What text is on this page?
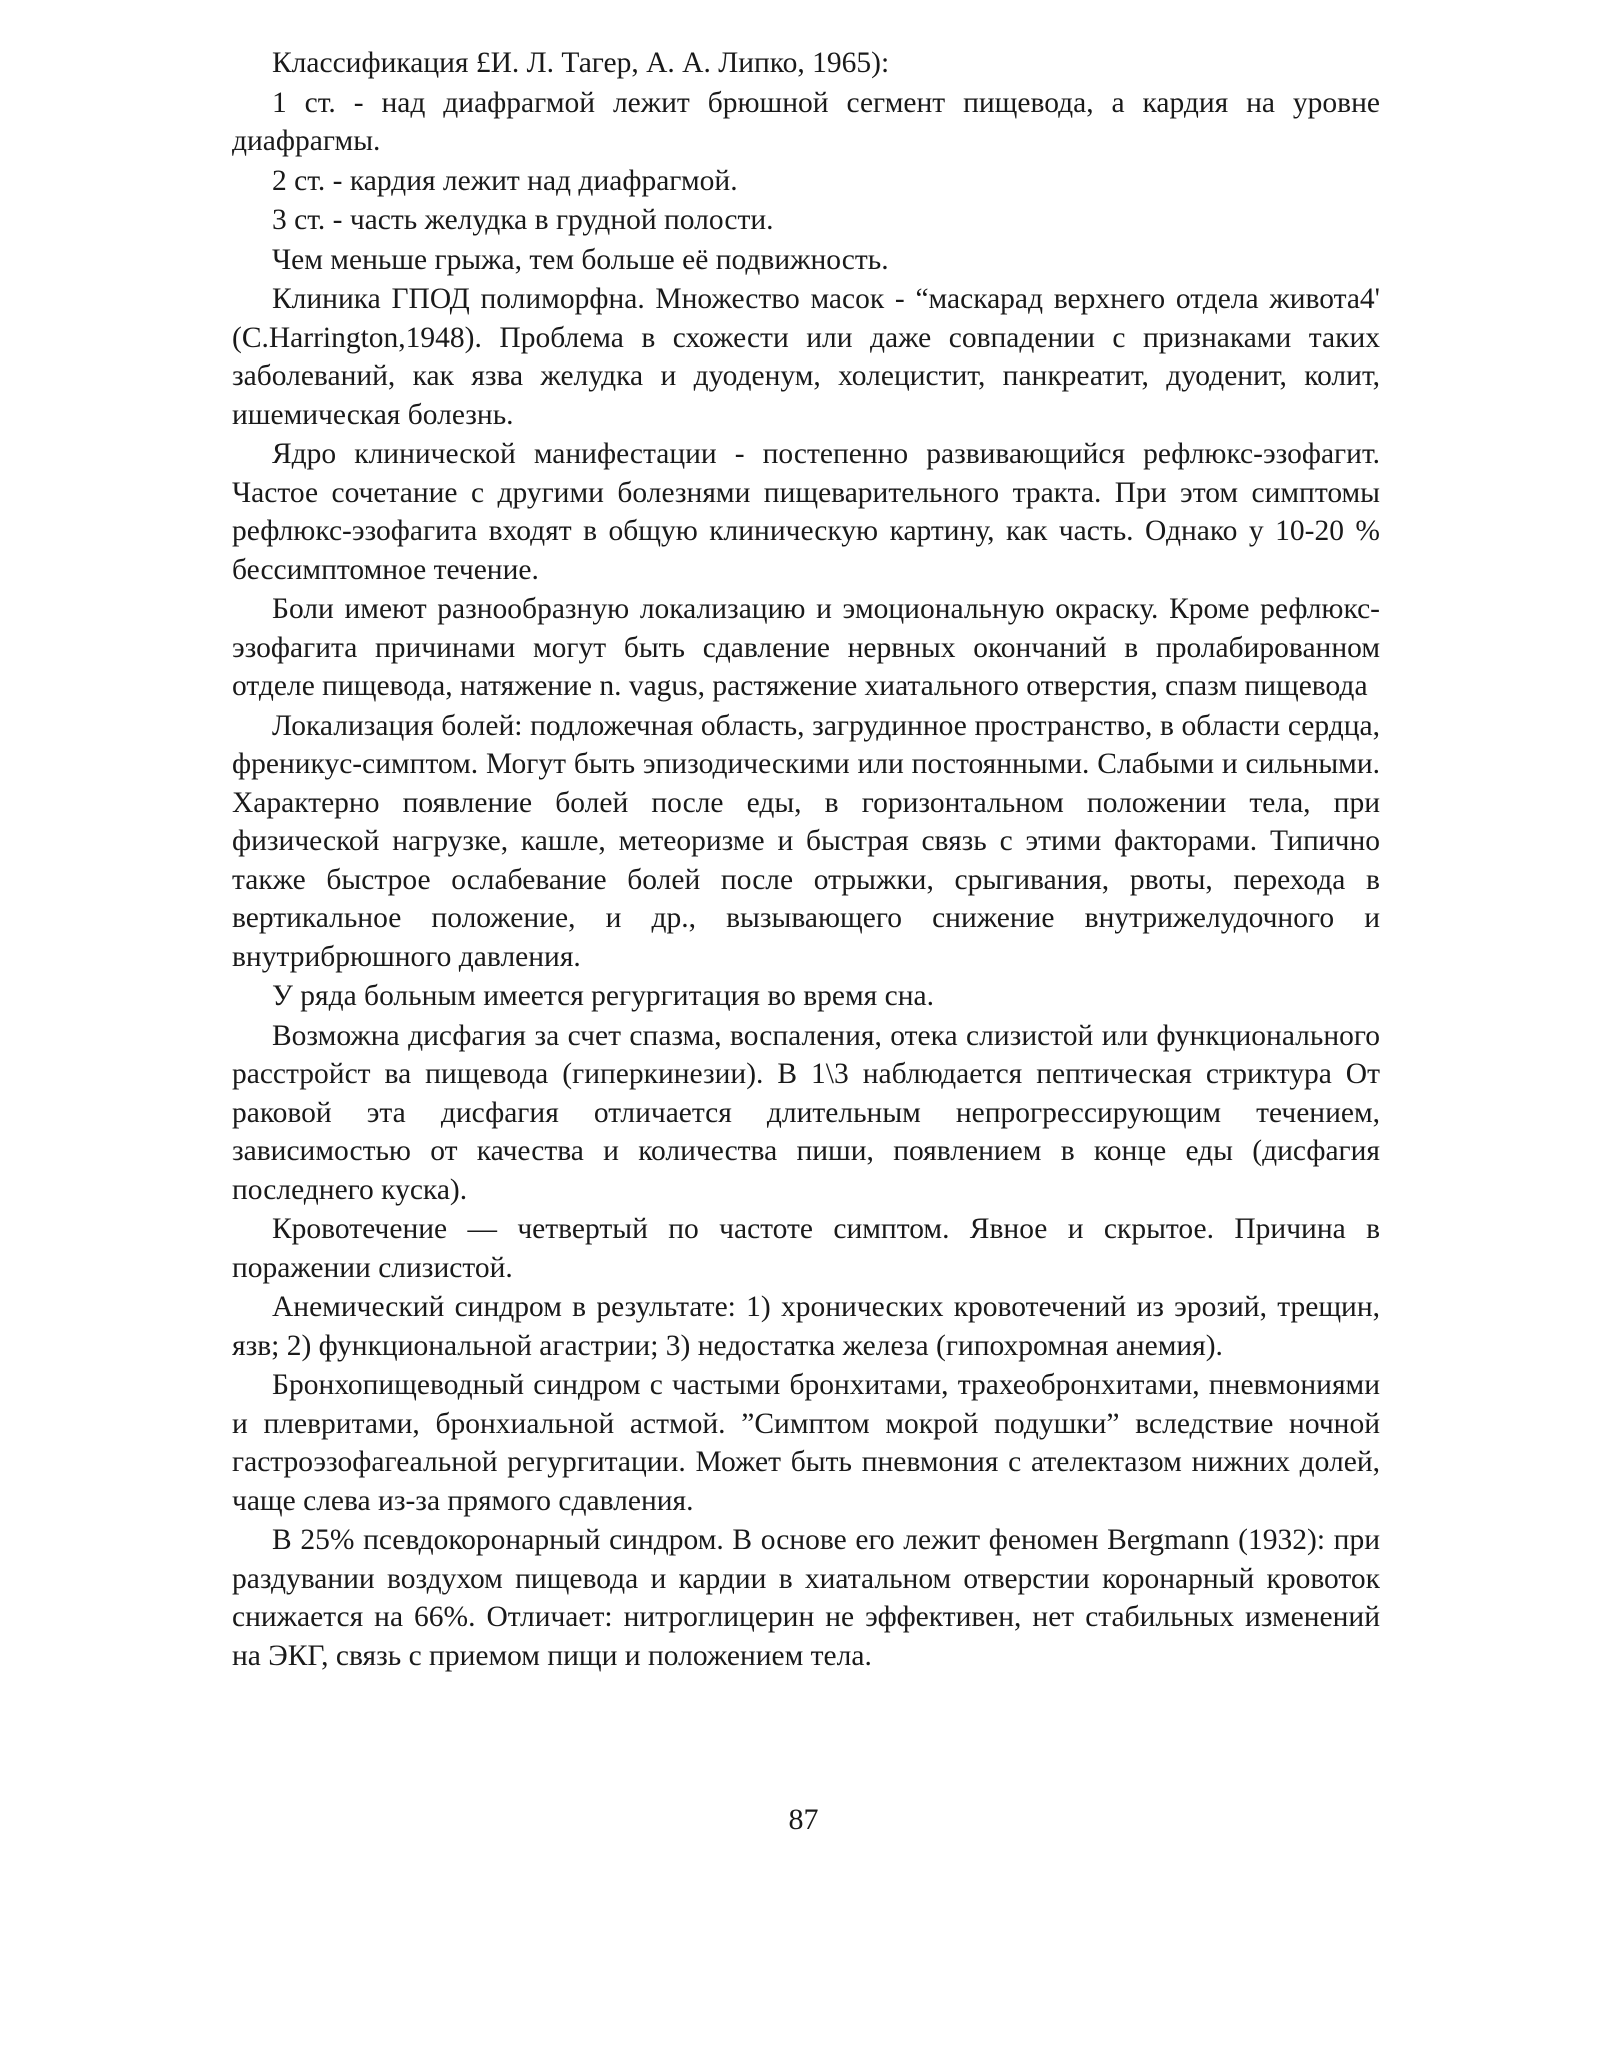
Классификация £И. Л. Тагер, А. А. Липко, 1965):

1 ст. - над диафрагмой лежит брюшной сегмент пищевода, а кардия на уровне диафрагмы.

2 ст. - кардия лежит над диафрагмой.

3 ст. - часть желудка в грудной полости.

Чем меньше грыжа, тем больше её подвижность.

Клиника ГПОД полиморфна. Множество масок - “маскарад верхнего отдела живота4' (C.Harrington,1948). Проблема в схожести или даже совпадении с признаками таких заболеваний, как язва желудка и дуоденум, холецистит, панкреатит, дуоденит, колит, ишемическая болезнь.

Ядро клинической манифестации - постепенно развивающийся рефлюкс-эзофагит. Частое сочетание с другими болезнями пищеварительного тракта. При этом симптомы рефлюкс-эзофагита входят в общую клиническую картину, как часть. Однако у 10-20 % бессимптомное течение.

Боли имеют разнообразную локализацию и эмоциональную окраску. Кроме рефлюкс-эзофагита причинами могут быть сдавление нервных окончаний в пролабированном отделе пищевода, натяжение n. vagus, растяжение хиатального отверстия, спазм пищевода

Локализация болей: подложечная область, загрудинное пространство, в области сердца, френикус-симптом. Могут быть эпизодическими или постоянными. Слабыми и сильными. Характерно появление болей после еды, в горизонтальном положении тела, при физической нагрузке, кашле, метеоризме и быстрая связь с этими факторами. Типично также быстрое ослабевание болей после отрыжки, срыгивания, рвоты, перехода в вертикальное положение, и др., вызывающего снижение внутрижелудочного и внутрибрюшного давления.

У ряда больным имеется регургитация во время сна.

Возможна дисфагия за счет спазма, воспаления, отека слизистой или функционального расстройст ва пищевода (гиперкинезии). В 1\3 наблюдается пептическая стриктура От раковой эта дисфагия отличается длительным непрогрессирующим течением, зависимостью от качества и количества пиши, появлением в конце еды (дисфагия последнего куска).

Кровотечение — четвертый по частоте симптом. Явное и скрытое. Причина в поражении слизистой.

Анемический синдром в результате: 1) хронических кровотечений из эрозий, трещин, язв; 2) функциональной агастрии; 3) недостатка железа (гипохромная анемия).

Бронхопищеводный синдром с частыми бронхитами, трахеобронхитами, пневмониями и плевритами, бронхиальной астмой. ”Симптом мокрой подушки” вследствие ночной гастроэзофагеальной регургитации. Может быть пневмония с ателектазом нижних долей, чаще слева из-за прямого сдавления.

В 25% псевдокоронарный синдром. В основе его лежит феномен Bergmann (1932): при раздувании воздухом пищевода и кардии в хиатальном отверстии коронарный кровоток снижается на 66%. Отличает: нитроглицерин не эффективен, нет стабильных изменений на ЭКГ, связь с приемом пищи и положением тела.

87
